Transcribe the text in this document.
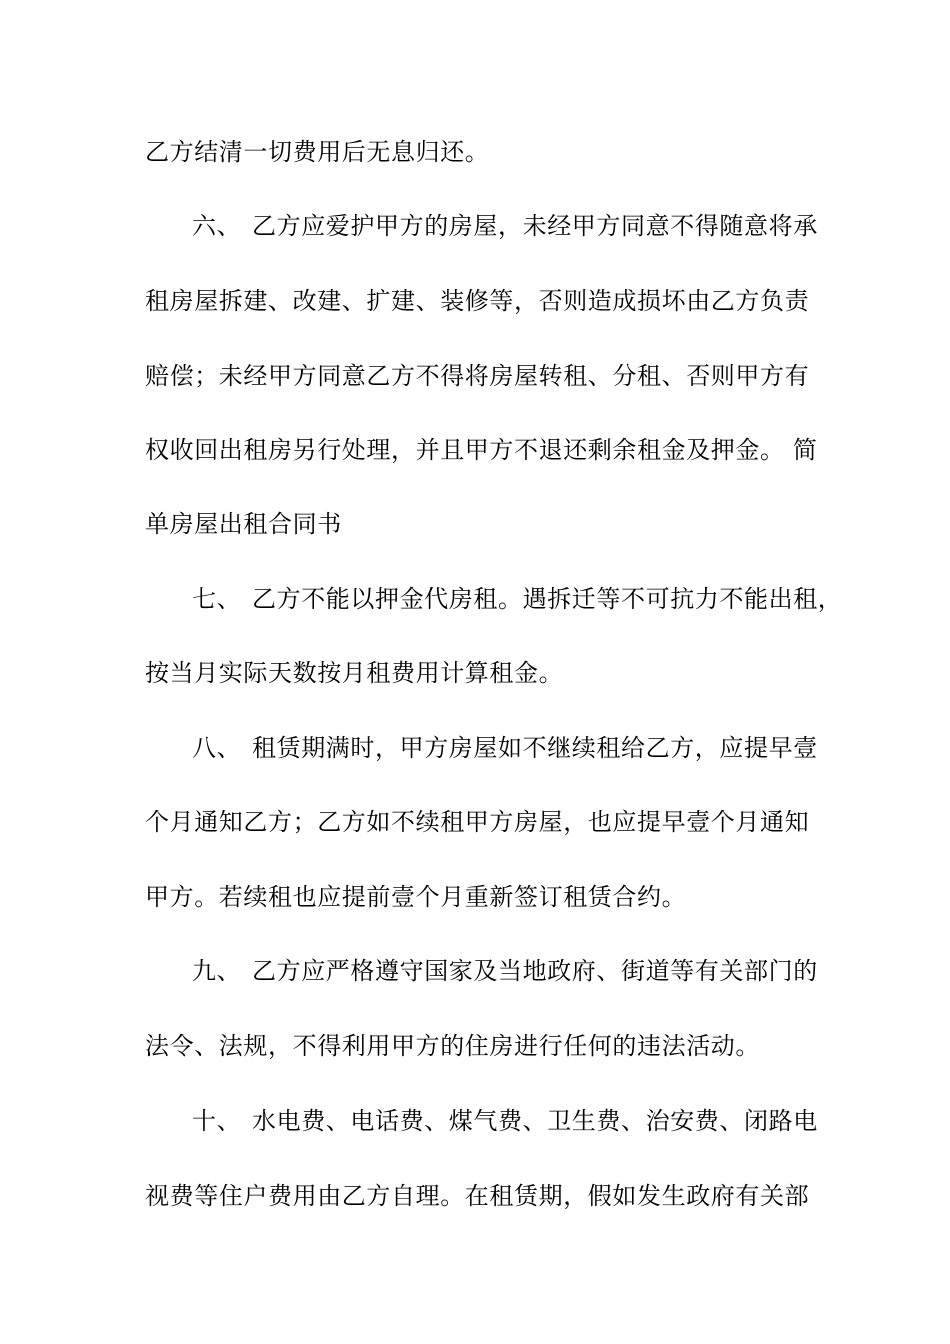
乙方结清一切费用后无息归还。
六、 乙方应爱护甲方的房屋，未经甲方同意不得随意将承
租房屋拆建、改建、扩建、装修等，否则造成损坏由乙方负责
赔偿；未经甲方同意乙方不得将房屋转租、分租、否则甲方有
权收回出租房另行处理，并且甲方不退还剩余租金及押金。 简
单房屋出租合同书
七、 乙方不能以押金代房租。遇拆迁等不可抗力不能出租，
按当月实际天数按月租费用计算租金。
八、 租赁期满时，甲方房屋如不继续租给乙方，应提早壹
个月通知乙方；乙方如不续租甲方房屋，也应提早壹个月通知
甲方。若续租也应提前壹个月重新签订租赁合约。
九、 乙方应严格遵守国家及当地政府、街道等有关部门的
法令、法规，不得利用甲方的住房进行任何的违法活动。
十、 水电费、电话费、煤气费、卫生费、治安费、闭路电
视费等住户费用由乙方自理。在租赁期，假如发生政府有关部
